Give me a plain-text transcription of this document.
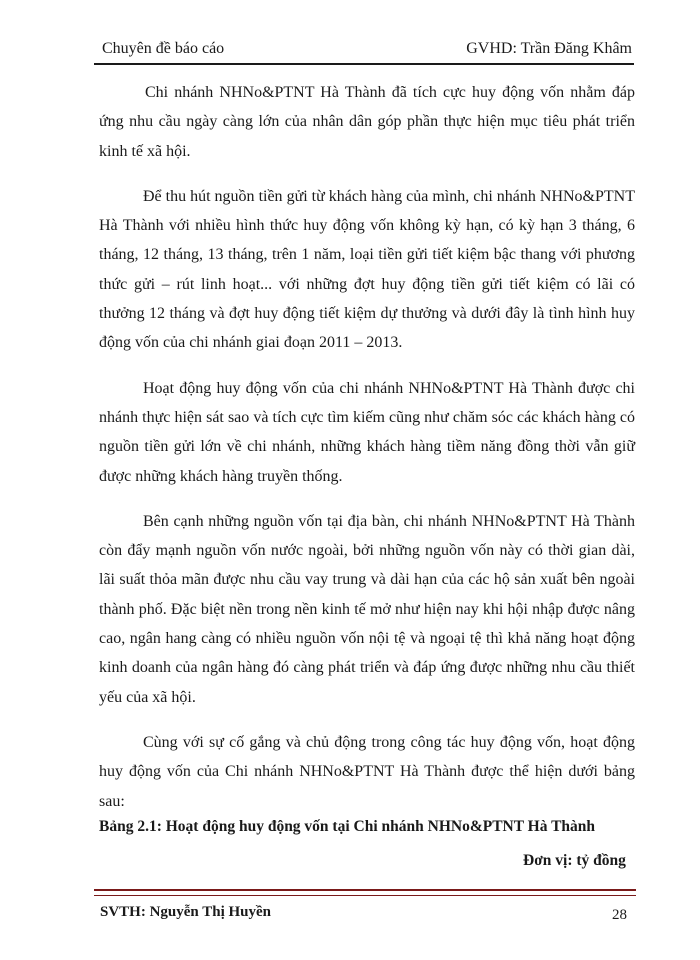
Chuyên đề báo cáo	GVHD: Trần Đăng Khâm

Chi nhánh NHNo&PTNT Hà Thành đã tích cực huy động vốn nhằm đáp ứng nhu cầu ngày càng lớn của nhân dân góp phần thực hiện mục tiêu phát triển kinh tế xã hội.

Để thu hút nguồn tiền gửi từ khách hàng của mình, chi nhánh NHNo&PTNT Hà Thành với nhiều hình thức huy động vốn không kỳ hạn, có kỳ hạn 3 tháng, 6 tháng, 12 tháng, 13 tháng, trên 1 năm, loại tiền gửi tiết kiệm bậc thang với phương thức gửi – rút linh hoạt... với những đợt huy động tiền gửi tiết kiệm có lãi có thưởng 12 tháng và đợt huy động tiết kiệm dự thưởng và dưới đây là tình hình huy động vốn của chi nhánh giai đoạn 2011 – 2013.

Hoạt động huy động vốn của chi nhánh NHNo&PTNT Hà Thành được chi nhánh thực hiện sát sao và tích cực tìm kiếm cũng như chăm sóc các khách hàng có nguồn tiền gửi lớn về chi nhánh, những khách hàng tiềm năng đồng thời vẫn giữ được những khách hàng truyền thống.

Bên cạnh những nguồn vốn tại địa bàn, chi nhánh NHNo&PTNT Hà Thành còn đẩy mạnh nguồn vốn nước ngoài, bởi những nguồn vốn này có thời gian dài, lãi suất thỏa mãn được nhu cầu vay trung và dài hạn của các hộ sản xuất bên ngoài thành phố. Đặc biệt nền trong nền kinh tế mở như hiện nay khi hội nhập được nâng cao, ngân hang càng có nhiều nguồn vốn nội tệ và ngoại tệ thì khả năng hoạt động kinh doanh của ngân hàng đó càng phát triển và đáp ứng được những nhu cầu thiết yếu của xã hội.

Cùng với sự cố gắng và chủ động trong công tác huy động vốn, hoạt động huy động vốn của Chi nhánh NHNo&PTNT Hà Thành được thể hiện dưới bảng sau:

Bảng 2.1: Hoạt động huy động vốn tại Chi nhánh NHNo&PTNT Hà Thành
Đơn vị: tỷ đồng
SVTH: Nguyễn Thị Huyền	28
